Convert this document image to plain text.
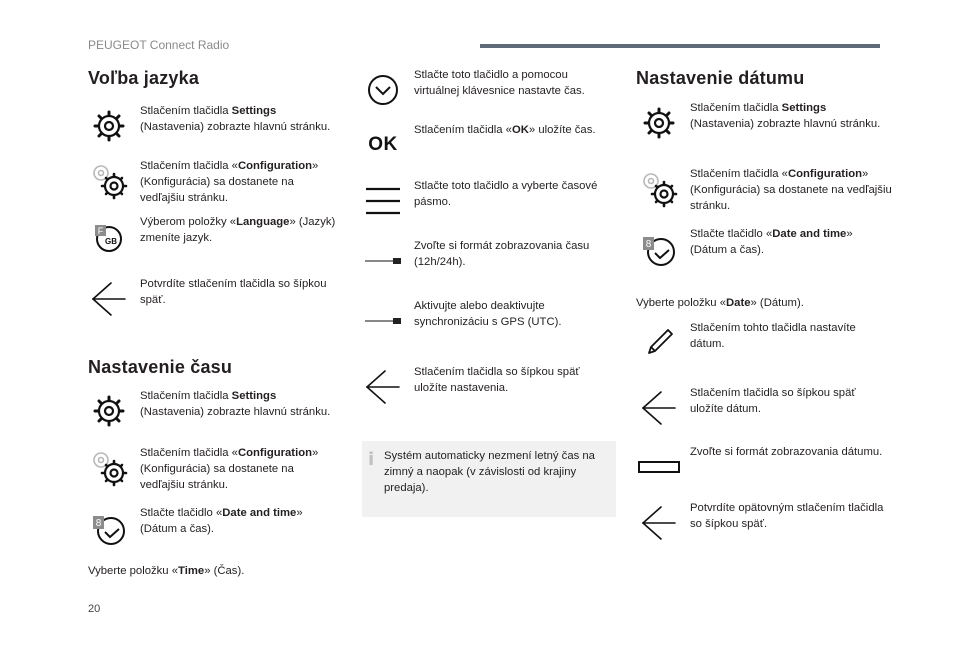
PEUGEOT Connect Radio
Voľba jazyka
Stlačením tlačidla Settings (Nastavenia) zobrazte hlavnú stránku.
Stlačením tlačidla «Configuration» (Konfigurácia) sa dostanete na vedľajšiu stránku.
F
GB
Výberom položky «Language» (Jazyk) zmeníte jazyk.
Potvrdíte stlačením tlačidla so šípkou späť.
Nastavenie času
Stlačením tlačidla Settings (Nastavenia) zobrazte hlavnú stránku.
Stlačením tlačidla «Configuration» (Konfigurácia) sa dostanete na vedľajšiu stránku.
8
Stlačte tlačidlo «Date and time» (Dátum a čas).
Vyberte položku «Time» (Čas).
Stlačte toto tlačidlo a pomocou virtuálnej klávesnice nastavte čas.
OK
Stlačením tlačidla «OK» uložíte čas.
Stlačte toto tlačidlo a vyberte časové pásmo.
Zvoľte si formát zobrazovania času (12h/24h).
Aktivujte alebo deaktivujte synchronizáciu s GPS (UTC).
Stlačením tlačidla so šípkou späť uložíte nastavenia.
i Systém automaticky nezmení letný čas na zimný a naopak (v závislosti od krajiny predaja).
Nastavenie dátumu
Stlačením tlačidla Settings (Nastavenia) zobrazte hlavnú stránku.
Stlačením tlačidla «Configuration» (Konfigurácia) sa dostanete na vedľajšiu stránku.
8
Stlačte tlačidlo «Date and time» (Dátum a čas).
Vyberte položku «Date» (Dátum).
Stlačením tohto tlačidla nastavíte dátum.
Stlačením tlačidla so šípkou späť uložíte dátum.
Zvoľte si formát zobrazovania dátumu.
Potvrdíte opätovným stlačením tlačidla so šípkou späť.
20
